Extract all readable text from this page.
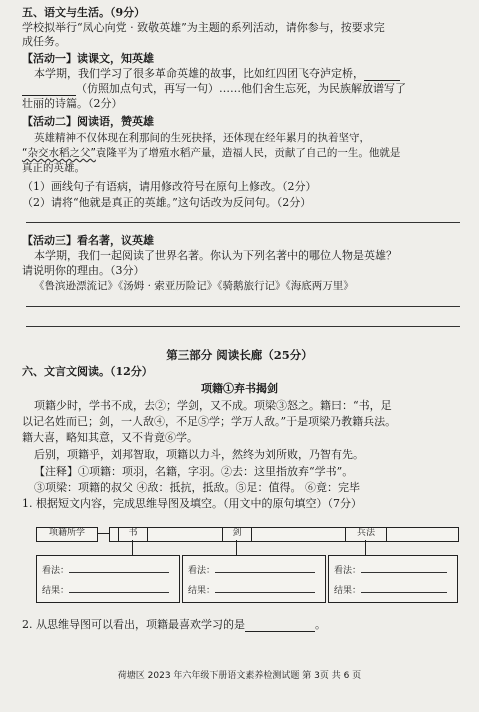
五、语文与生活。（9分）
学校拟举行“凤心向党 · 致敬英雄”为主题的系列活动，请你参与，按要求完
成任务。
【活动一】读课文，知英雄
本学期，我们学习了很多革命英雄的故事，比如红四团飞夺泸定桥，
（仿照加点句式，再写一句）……他们舍生忘死，为民族解放谱写了
壮丽的诗篇。（2分）
【活动二】阅读语，赞英雄
英雄精神不仅体现在利那间的生死抉择，还体现在经年累月的执着坚守，
“杂交水稻之父”袁隆平为了增殖水稻产量，造福人民，贡献了自己的一生。他就是
真正的英雄。
（1）画线句子有语病，请用修改符号在原句上修改。（2分）
（2）请将“他就是真正的英雄。”这句话改为反问句。（2分）
【活动三】看名著，议英雄
本学期，我们一起阅读了世界名著。你认为下列名著中的哪位人物是英雄？
请说明你的理由。（3分）
《鲁滨逊漂流记》《汤姆 · 索亚历险记》《骑鹅旅行记》《海底两万里》
第三部分 阅读长廊（25分）
六、文言文阅读。（12分）
项籍①弃书揭剑
项籍少时，学书不成，去②；学剑，又不成。项梁③怒之。籍曰：“书，足
以记名姓而已；剑，一人敌④，不足⑤学；学万人敌。”于是项梁乃教籍兵法。
籍大喜，略知其意，又不肯竟⑥学。
后别，项籍乎，刘邦智取，项籍以力斗，然终为刘所败，乃智有先。
【注释】①项籍：项羽，名籍，字羽。②去：这里指放弃“学书”。
③项梁：项籍的叔父 ④敌：抵抗，抵敌。⑤足：值得。 ⑥竟：完毕
1. 根据短文内容，完成思维导图及填空。（用文中的原句填空）（7分）
项籍所学	书	剑	兵法
看法：
结果：
看法：
结果：
看法：
结果：
2. 从思维导图可以看出，项籍最喜欢学习的是	。
荷塘区 2023 年六年级下册语文素养检测试题 第 3页 共 6 页
